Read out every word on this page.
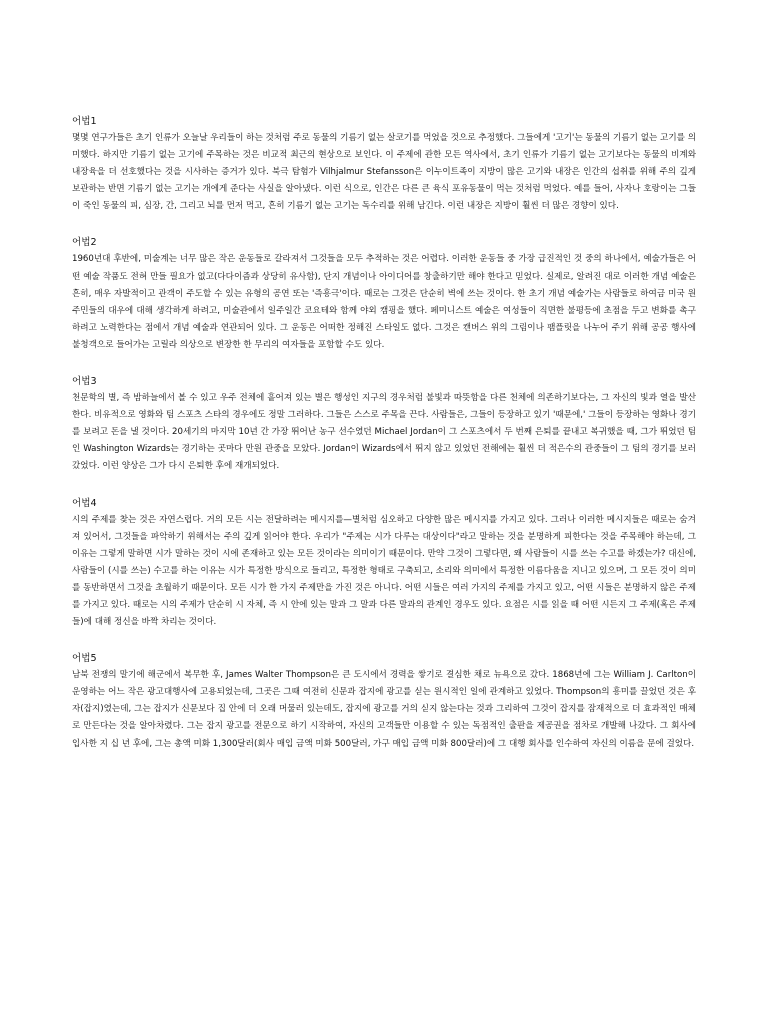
어법1

몇몇 연구가들은 초기 인류가 오늘날 우리들이 하는 것처럼 주로 동물의 기름기 없는 살코기를 먹었을 것으로 추정했다. 그들에게 '고기'는 동물의 기름기 없는 고기를 의미했다. 하지만 기름기 없는 고기에 주목하는 것은 비교적 최근의 현상으로 보인다. 이 주제에 관한 모든 역사에서, 초기 인류가 기름기 없는 고기보다는 동물의 비계와 내장육을 더 선호했다는 것을 시사하는 증거가 있다. 북극 탐험가 Vilhjalmur Stefansson은 이누이트족이 지방이 많은 고기와 내장은 인간의 섭취를 위해 주의 깊게 보관하는 반면 기름기 없는 고기는 개에게 준다는 사실을 알아냈다. 이런 식으로, 인간은 다른 큰 육식 포유동물이 먹는 것처럼 먹었다. 예를 들어, 사자나 호랑이는 그들이 죽인 동물의 피, 심장, 간, 그리고 뇌를 먼저 먹고, 흔히 기름기 없는 고기는 독수리를 위해 남긴다. 이런 내장은 지방이 훨씬 더 많은 경향이 있다.

어법2

1960년대 후반에, 미술계는 너무 많은 작은 운동들로 갈라져서 그것들을 모두 추적하는 것은 어렵다. 이러한 운동들 중 가장 급진적인 것 중의 하나에서, 예술가들은 어떤 예술 작품도 전혀 만들 필요가 없고(다다이즘과 상당히 유사함), 단지 개념이나 아이디어를 창출하기만 해야 한다고 믿었다. 실제로, 알려진 대로 이러한 개념 예술은 흔히, 매우 자발적이고 관객이 주도할 수 있는 유형의 공연 또는 '즉흥극'이다. 때로는 그것은 단순히 벽에 쓰는 것이다. 한 초기 개념 예술가는 사람들로 하여금 미국 원주민들의 대우에 대해 생각하게 하려고, 미술관에서 일주일간 코요테와 함께 야외 캠핑을 했다. 페미니스트 예술은 여성들이 직면한 불평등에 초점을 두고 변화를 촉구하려고 노력한다는 점에서 개념 예술과 연관되어 있다. 그 운동은 어떠한 정해진 스타일도 없다. 그것은 캔버스 위의 그림이나 팸플릿을 나누어 주기 위해 공공 행사에 불청객으로 들어가는 고릴라 의상으로 변장한 한 무리의 여자들을 포함할 수도 있다.

어법3

천문학의 별, 즉 밤하늘에서 볼 수 있고 우주 전체에 흩어져 있는 별은 행성인 지구의 경우처럼 불빛과 따뜻함을 다른 천체에 의존하기보다는, 그 자신의 빛과 열을 발산한다. 비유적으로 영화와 팀 스포츠 스타의 경우에도 정말 그러하다. 그들은 스스로 주목을 끈다. 사람들은, 그들이 등장하고 있기 '때문에,' 그들이 등장하는 영화나 경기를 보려고 돈을 낼 것이다. 20세기의 마지막 10년 간 가장 뛰어난 농구 선수였던 Michael Jordan이 그 스포츠에서 두 번째 은퇴를 끝내고 복귀했을 때, 그가 뛰었던 팀인 Washington Wizards는 경기하는 곳마다 만원 관중을 모았다. Jordan이 Wizards에서 뛰지 않고 있었던 전해에는 훨씬 더 적은수의 관중들이 그 팀의 경기를 보러 갔었다. 이런 양상은 그가 다시 은퇴한 후에 재개되었다.

어법4

시의 주제를 찾는 것은 자연스럽다. 거의 모든 시는 전달하려는 메시지를—별처럼 심오하고 다양한 많은 메시지를 가지고 있다. 그러나 이러한 메시지들은 때로는 숨겨져 있어서, 그것들을 파악하기 위해서는 주의 깊게 읽어야 한다. 우리가 "주제는 시가 다루는 대상이다"라고 말하는 것을 분명하게 피한다는 것을 주목해야 하는데, 그 이유는 그렇게 말하면 시가 말하는 것이 시에 존재하고 있는 모든 것이라는 의미이기 때문이다. 만약 그것이 그렇다면, 왜 사람들이 시를 쓰는 수고를 하겠는가? 대신에, 사람들이 (시를 쓰는) 수고를 하는 이유는 시가 특정한 방식으로 들리고, 특정한 형태로 구축되고, 소리와 의미에서 특정한 이름다움을 지니고 있으며, 그 모든 것이 의미를 동반하면서 그것을 초월하기 때문이다. 모든 시가 한 가지 주제만을 가진 것은 아니다. 어떤 시들은 여러 가지의 주제를 가지고 있고, 어떤 시들은 분명하지 않은 주제를 가지고 있다. 때로는 시의 주제가 단순히 시 자체, 즉 시 안에 있는 말과 그 말과 다른 말과의 관계인 경우도 있다. 요점은 시를 읽을 때 어떤 시든지 그 주제(혹은 주제들)에 대해 정신을 바짝 차리는 것이다.

어법5

남북 전쟁의 말기에 해군에서 복무한 후, James Walter Thompson은 큰 도시에서 경력을 쌓기로 결심한 채로 뉴욕으로 갔다. 1868년에 그는 William J. Carlton이 운영하는 어느 작은 광고대행사에 고용되었는데, 그곳은 그때 여전히 신문과 잡지에 광고를 싣는 원시적인 일에 관계하고 있었다. Thompson의 흥미를 끌었던 것은 후자(잡지)였는데, 그는 잡지가 신문보다 집 안에 더 오래 머물러 있는데도, 잡지에 광고를 거의 싣지 않는다는 것과 그리하여 그것이 잡지를 잠재적으로 더 효과적인 매체로 만든다는 것을 알아차렸다. 그는 잡지 광고를 전문으로 하기 시작하여, 자신의 고객들만 이용할 수 있는 독점적인 출판을 제공권을 점차로 개발해 나갔다. 그 회사에 입사한 지 십 년 후에, 그는 총액 미화 1,300달러(회사 매입 금액 미화 500달러, 가구 매입 금액 미화 800달러)에 그 대행 회사를 인수하여 자신의 이름을 문에 걸었다.
